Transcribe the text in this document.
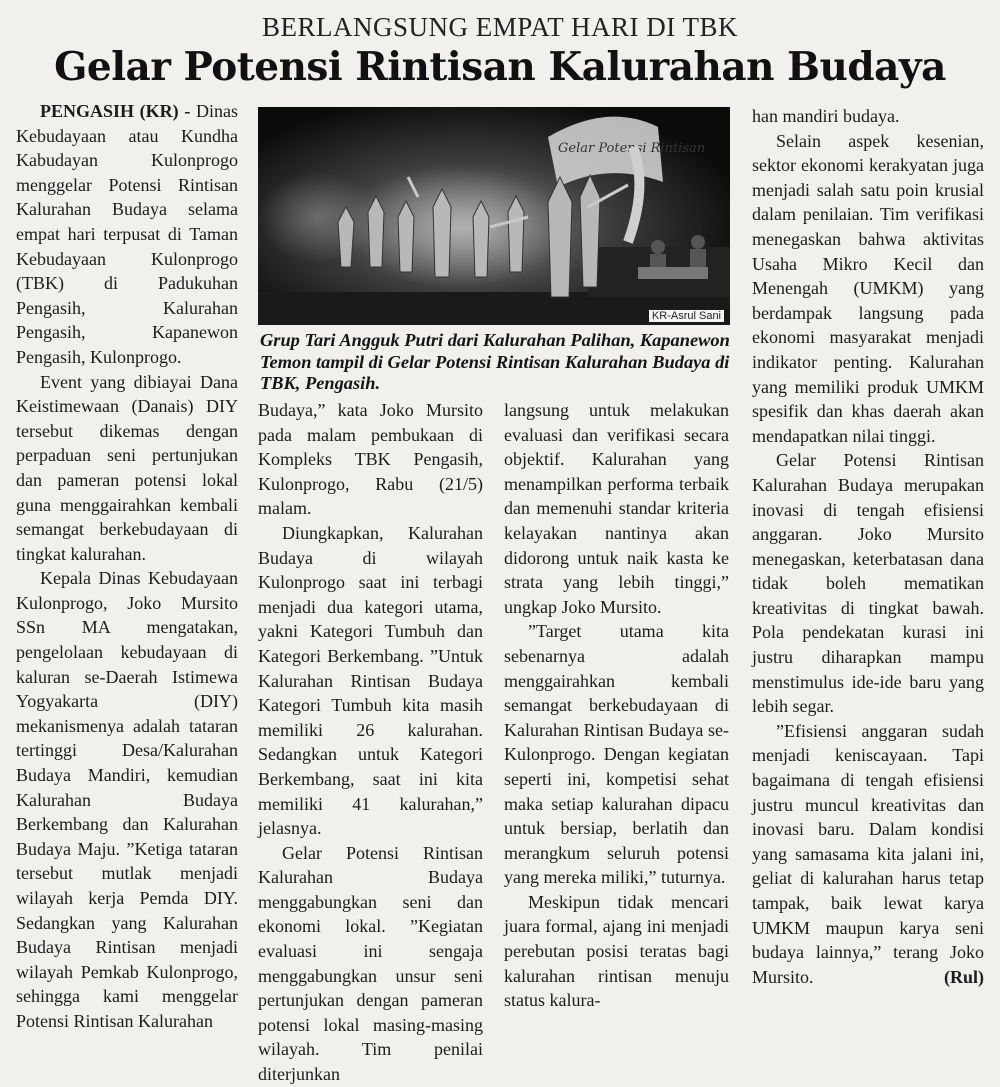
BERLANGSUNG EMPAT HARI DI TBK
Gelar Potensi Rintisan Kalurahan Budaya

PENGASIH (KR) - Dinas Kebudayaan atau Kundha Kabudayan Kulonprogo menggelar Potensi Rintisan Kalurahan Budaya selama empat hari terpusat di Taman Kebudayaan Kulonprogo (TBK) di Padukuhan Pengasih, Kalurahan Pengasih, Kapanewon Pengasih, Kulonprogo.

Event yang dibiayai Dana Keistimewaan (Danais) DIY tersebut dikemas dengan perpaduan seni pertunjukan dan pameran potensi lokal guna menggairahkan kembali semangat berkebudayaan di tingkat kalurahan.

Kepala Dinas Kebudayaan Kulonprogo, Joko Mursito SSn MA mengatakan, pengelolaan kebudayaan di kaluran se-Daerah Istimewa Yogyakarta (DIY) mekanismenya adalah tataran tertinggi Desa/Kalurahan Budaya Mandiri, kemudian Kalurahan Budaya Berkembang dan Kalurahan Budaya Maju. ”Ketiga tataran tersebut mutlak menjadi wilayah kerja Pemda DIY. Sedangkan yang Kalurahan Budaya Rintisan menjadi wilayah Pemkab Kulonprogo, sehingga kami menggelar Potensi Rintisan Kalurahan

Gelar Potensi Rintisan
KR-Asrul Sani
Grup Tari Angguk Putri dari Kalurahan Palihan, Kapanewon Temon tampil di Gelar Potensi Rintisan Kalurahan Budaya di TBK, Pengasih.

Budaya,” kata Joko Mursito pada malam pembukaan di Kompleks TBK Pengasih, Kulonprogo, Rabu (21/5) malam.

Diungkapkan, Kalurahan Budaya di wilayah Kulonprogo saat ini terbagi menjadi dua kategori utama, yakni Kategori Tumbuh dan Kategori Berkembang. ”Untuk Kalurahan Rintisan Budaya Kategori Tumbuh kita masih memiliki 26 kalurahan. Sedangkan untuk Kategori Berkembang, saat ini kita memiliki 41 kalurahan,” jelasnya.

Gelar Potensi Rintisan Kalurahan Budaya menggabungkan seni dan ekonomi lokal. ”Kegiatan evaluasi ini sengaja menggabungkan unsur seni pertunjukan dengan pameran potensi lokal masing-masing wilayah. Tim penilai diterjunkan

langsung untuk melakukan evaluasi dan verifikasi secara objektif. Kalurahan yang menampilkan performa terbaik dan memenuhi standar kriteria kelayakan nantinya akan didorong untuk naik kasta ke strata yang lebih tinggi,” ungkap Joko Mursito.

”Target utama kita sebenarnya adalah menggairahkan kembali semangat berkebudayaan di Kalurahan Rintisan Budaya se-Kulonprogo. Dengan kegiatan seperti ini, kompetisi sehat maka setiap kalurahan dipacu untuk bersiap, berlatih dan merangkum seluruh potensi yang mereka miliki,” tuturnya.

Meskipun tidak mencari juara formal, ajang ini menjadi perebutan posisi teratas bagi kalurahan rintisan menuju status kalura-

han mandiri budaya.

Selain aspek kesenian, sektor ekonomi kerakyatan juga menjadi salah satu poin krusial dalam penilaian. Tim verifikasi menegaskan bahwa aktivitas Usaha Mikro Kecil dan Menengah (UMKM) yang berdampak langsung pada ekonomi masyarakat menjadi indikator penting. Kalurahan yang memiliki produk UMKM spesifik dan khas daerah akan mendapatkan nilai tinggi.

Gelar Potensi Rintisan Kalurahan Budaya merupakan inovasi di tengah efisiensi anggaran. Joko Mursito menegaskan, keterbatasan dana tidak boleh mematikan kreativitas di tingkat bawah. Pola pendekatan kurasi ini justru diharapkan mampu menstimulus ide-ide baru yang lebih segar.

”Efisiensi anggaran sudah menjadi keniscayaan. Tapi bagaimana di tengah efisiensi justru muncul kreativitas dan inovasi baru. Dalam kondisi yang samasama kita jalani ini, geliat di kalurahan harus tetap tampak, baik lewat karya UMKM maupun karya seni budaya lainnya,” terang Joko Mursito.	(Rul)
